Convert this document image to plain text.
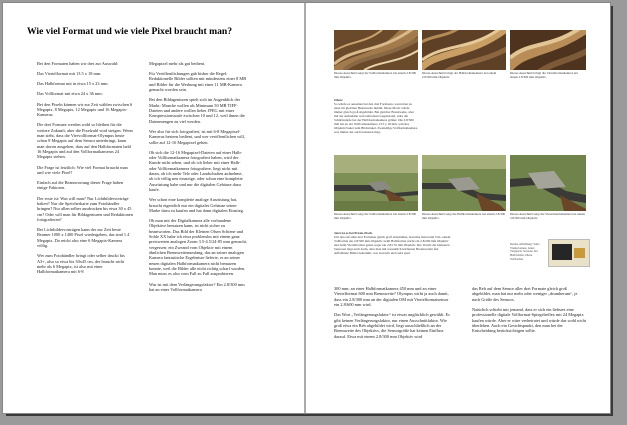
Wie viel Format und wie viele Pixel braucht man?

Bei den Formaten haben wir drei zur Auswahl:

Das Viertelformat mit 13.5 x 18 mm.

Das Halbformat mit in etwa 15 x 23 mm.

Das Vollformat mit etwa 24 x 36 mm.

Bei den Pixeln können wir zur Zeit wählen zwischen 6 Megapix, 8 Megapix, 12 Megapix und 16 Megapix-Kameras.

Die drei Formate werden wohl so bleiben für die weitere Zukunft, aber die Pixelzahl wird steigen. Wenn man sieht, dass die Viervollformat-Olympus heute schon 8 Megapix auf dem Sensor unterbringt, kann man davon ausgehen, dass auf den Halbformaten bald 16 Megapix und auf den Vollformatkameras 24 Megapix stehen.

Die Frage ist letztlich: Wie viel Format braucht man und wie viele Pixel?

Einfach auf die Beantwortung dieser Frage haben einige Faktoren.

Der erste ist: Was will man? Nur Lichtbildervorträge halten? Nur die Speicherkarte zum Fotohändler bringen? Nur allen selber ausdrucken bis etwa 30 x 45 cm? Oder will man für Bildagenturen und Redaktionen fotografieren?

Bei Lichtbildervorträgen kann der zur Zeit beste Beamer 1000 x 1400 Pixel wiedergeben, das sind 1.4 Megapix. Da reicht also eine 6 Megapix-Kamera völlig.

Wer zum Fotohändler bringt oder selber druckt bis A3+, also so etwa bis 30x45 cm, der braucht nicht mehr als 6 Megapix, ist also mit einer Halbformatkamera mit 6-8

Megapixel mehr als gut bedient.

Für Veröffentlichungen gab bisher die Regel: Redaktionelle Bilder sollten mit mindestens einer 8 MB und Bilder für die Werbung mit einer 11 MB-Kamera gemacht worden sein.

Bei den Bildagenturen spielt sich im Augenblick der Markt: Manche wollen als Minimum 50 MB TIFF-Dateien und andere wollen lieber JPEG mit einer Kompressionsstufe zwischen 10 und 12, weil ihnen die Datenmengen zu viel werden.

Wer also für sich fotografiert, ist mit 6-8 Megapixel-Kameras bestens bedient, und wer veröffentlichen will, sollte auf 12-16 Megapixel gehen.

Ob sich die 12-16 Megapixel-Dateien auf einer Halb- oder Vollformatkamera fotografiert haben, wird der Kunde nicht sehen, und ob ich lieber mit einer Halb- oder Vollformatkamera fotografiere, liegt nicht mit daran, ob ich mehr Tele oder Landschaften aufnehme, ob ich völlig neu einsteige, oder schon eine komplette Ausrüstung habe und nur die digitalen Gehäuse dazu kaufe.

Wer schon eine komplette analoge Ausrüstung hat, braucht eigentlich nur ein digitales Gehäuse seiner Marke dazu zu kaufen und hat dann digitalen Einstieg.

Ob man mit der Digitalkamera alle vorhandene Objektive benutzen kann, ist nicht sicher zu beantworten. Das Bild der Kleinen Olsen Schiene und Sohle XX habe ich etwa problemlos mit einem ganz preiswerten analogen Zoom 3.5-4.5/24-85 mm gemacht, vergessen: ein Zweand vom Objektiv mit einem ähnlichen Brennweitenumfang, das an seiner analogen Kamera fantastische Ergebnisse lieferte, er an seiner neuen digitalen Halbformatkamera nicht benutzen konnte, weil die Bilder alle nicht richtig scharf wurden. Man muss es also vom Fall zu Fall ausprobieren.

Was ist mit dem Verlängerungsfaktor? Ein 2.8/300 mm hat an einer Vollformatkamera

Dieses Ausschnitt zeigt die Vollformatkamera bei einem 2.8/300 mm Objektiv.
Dieses Ausschnitt bringt der Halbformatkamera bei einem 2.8/300 mm Objektiv.
Dieses Ausschnitt bringt die Viertelformatkamera bei einem 2.8/300 mm Objektiv.
Oben:
So würde es aussehen bei den drei Formaten, wenn man zu einer im gleichen Brennweite nimmt. Diese Motiv würde immer gleich groß abgebildet. Bei gleicher Brennweite, aber mit der Aufnahme weit entfernten Gegenstand, wäre die Schärfentiefe bei der Halbformatkamera größer. Die 2.8/300 mm hat an der Vollformatkamera 13.5 x 18 mm, welches Objektiv/lautet zum Bildwinkel. Zweiteilige Vollformatkamera, was immer der auch bedeuten mag.
Dieses Ausschnitt zeigt die Vollformatkamera bei einem 2.8/300 mm Objektiv.
Dieses Ausschnitt zeigt die Halbformatkamera bei einem 2.8/300 mm Objektiv.
Dieses Ausschnitt zeigt die Viertelformatkamera bei einem 2.8/300 mm Objektiv.
Jetzt ist es bei Praxis-Fisch.
Um den auf allen drei Formaten gleich groß abzubilden, brauchte man beim Voll- einem Vollformat ein 2.8/300 mm Objektiv, beim Halbformat reicht ein 2.8/200 mm Objektiv und beim Viertelformat ganze sogar ein 2.8/135 mm Objektiv. Der Vorteil der kleineren Sensoren liegt auch darin, dass man mit wesentlich leichteren Brennweiten fast auffallende Bilder bekommt, was Gewicht und Geld spart.
Rechte Abbildung: Volle Vierkolonnen, Guter Vergleich, Sowieso bei Halbformat. Diese Vollformat.

300 mm; an einer Halbformatkamera 450 mm und an einer Viertelformat 600 mm Brennweite? Olympus wirbt ja auch damit, dass ein 2.8/300 mm an der digitalen OM mit Viertelformatsensor ein 2.8/600 mm wird.

Das Wort „Verlängerungsfaktor“ ist etwas unglücklich gewählt. Es gibt keinen Verlängerungsfaktor, nur einen Ausschnittfaktor. Wie groß etwa ein Reh abgebildet wird, liegt ausschließlich an der Brennweite des Objektivs, die Sensorgröße hat keinen Einfluss darauf. Etwa mit einem 2.8/300 mm Objektiv wird

das Reh auf dem Sensor aller drei Formate gleich groß abgebildet, man hat nur mehr oder weniger „drumherum“, je nach Größe des Sensors.

Natürlich schieht mir jemand, dass er sich ein liebstes eine professionelle digitale Vollformat-Spiegelreflex mit 24 Megapix kaufen würde. Aber er wäre verheiratet und würde das wohl nicht überleben. Auch ein Gesichtspunkt, den man bei der Entscheidung berücksichtigen sollte.
